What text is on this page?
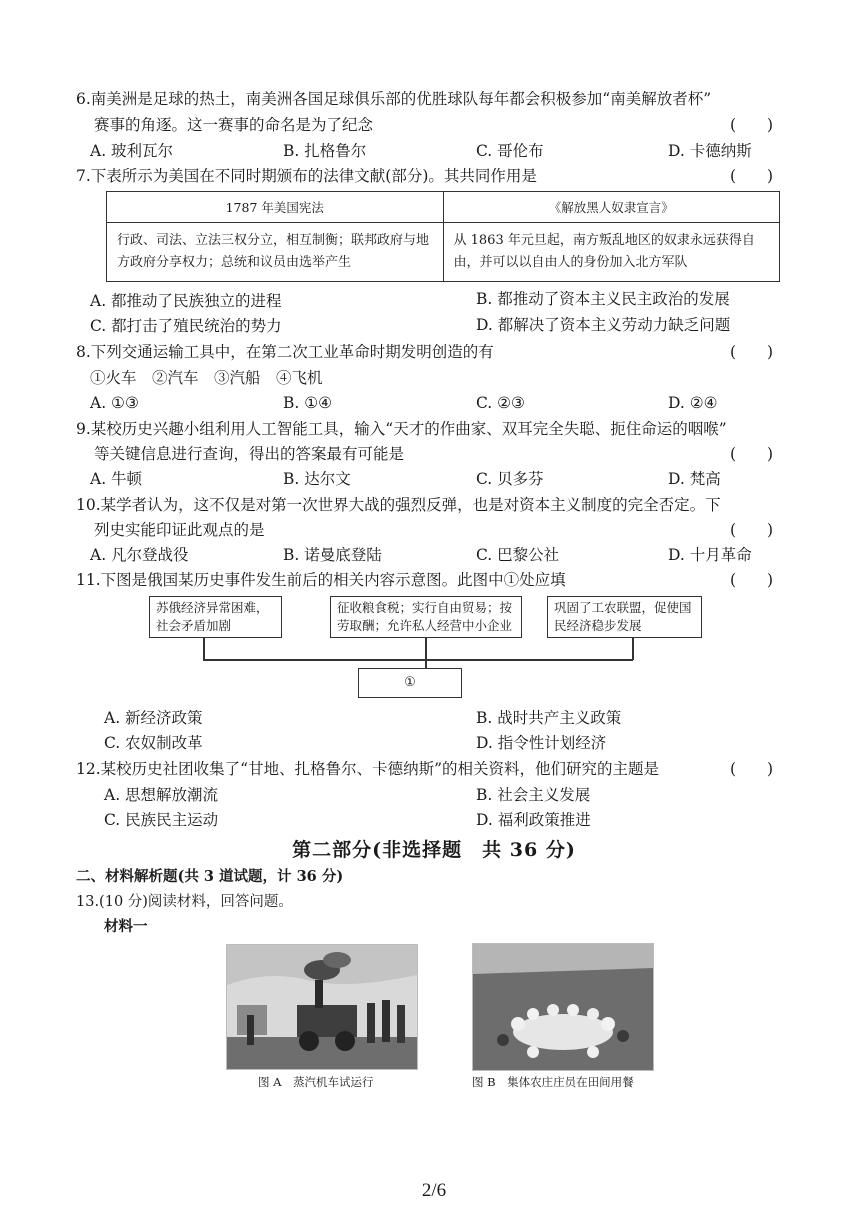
6.南美洲是足球的热土，南美洲各国足球俱乐部的优胜球队每年都会积极参加“南美解放者杯”
赛事的角逐。这一赛事的命名是为了纪念	(　　)
A. 玻利瓦尔	B. 扎格鲁尔	C. 哥伦布	D. 卡德纳斯
7.下表所示为美国在不同时期颁布的法律文献(部分)。其共同作用是	(　　)
1787 年美国宪法	《解放黑人奴隶宣言》
行政、司法、立法三权分立，相互制衡；联邦政府与地方政府分享权力；总统和议员由选举产生	从 1863 年元旦起，南方叛乱地区的奴隶永远获得自由，并可以以自由人的身份加入北方军队
A. 都推动了民族独立的进程	B. 都推动了资本主义民主政治的发展
C. 都打击了殖民统治的势力	D. 都解决了资本主义劳动力缺乏问题
8.下列交通运输工具中，在第二次工业革命时期发明创造的有	(　　)
①火车　②汽车　③汽船　④飞机
A. ①③	B. ①④	C. ②③	D. ②④
9.某校历史兴趣小组利用人工智能工具，输入“天才的作曲家、双耳完全失聪、扼住命运的咽喉”
等关键信息进行查询，得出的答案最有可能是	(　　)
A. 牛顿	B. 达尔文	C. 贝多芬	D. 梵高
10.某学者认为，这不仅是对第一次世界大战的强烈反弹，也是对资本主义制度的完全否定。下
列史实能印证此观点的是	(　　)
A. 凡尔登战役	B. 诺曼底登陆	C. 巴黎公社	D. 十月革命
11.下图是俄国某历史事件发生前后的相关内容示意图。此图中①处应填	(　　)
苏俄经济异常困难，社会矛盾加剧
征收粮食税；实行自由贸易；按劳取酬；允许私人经营中小企业
巩固了工农联盟，促使国民经济稳步发展
①
A. 新经济政策	B. 战时共产主义政策
C. 农奴制改革	D. 指令性计划经济
12.某校历史社团收集了“甘地、扎格鲁尔、卡德纳斯”的相关资料，他们研究的主题是	(　　)
A. 思想解放潮流	B. 社会主义发展
C. 民族民主运动	D. 福利政策推进
第二部分(非选择题　共 36 分)
二、材料解析题(共 3 道试题，计 36 分)
13.(10 分)阅读材料，回答问题。
材料一
图 A　蒸汽机车试运行	图 B　集体农庄庄员在田间用餐
2/6
